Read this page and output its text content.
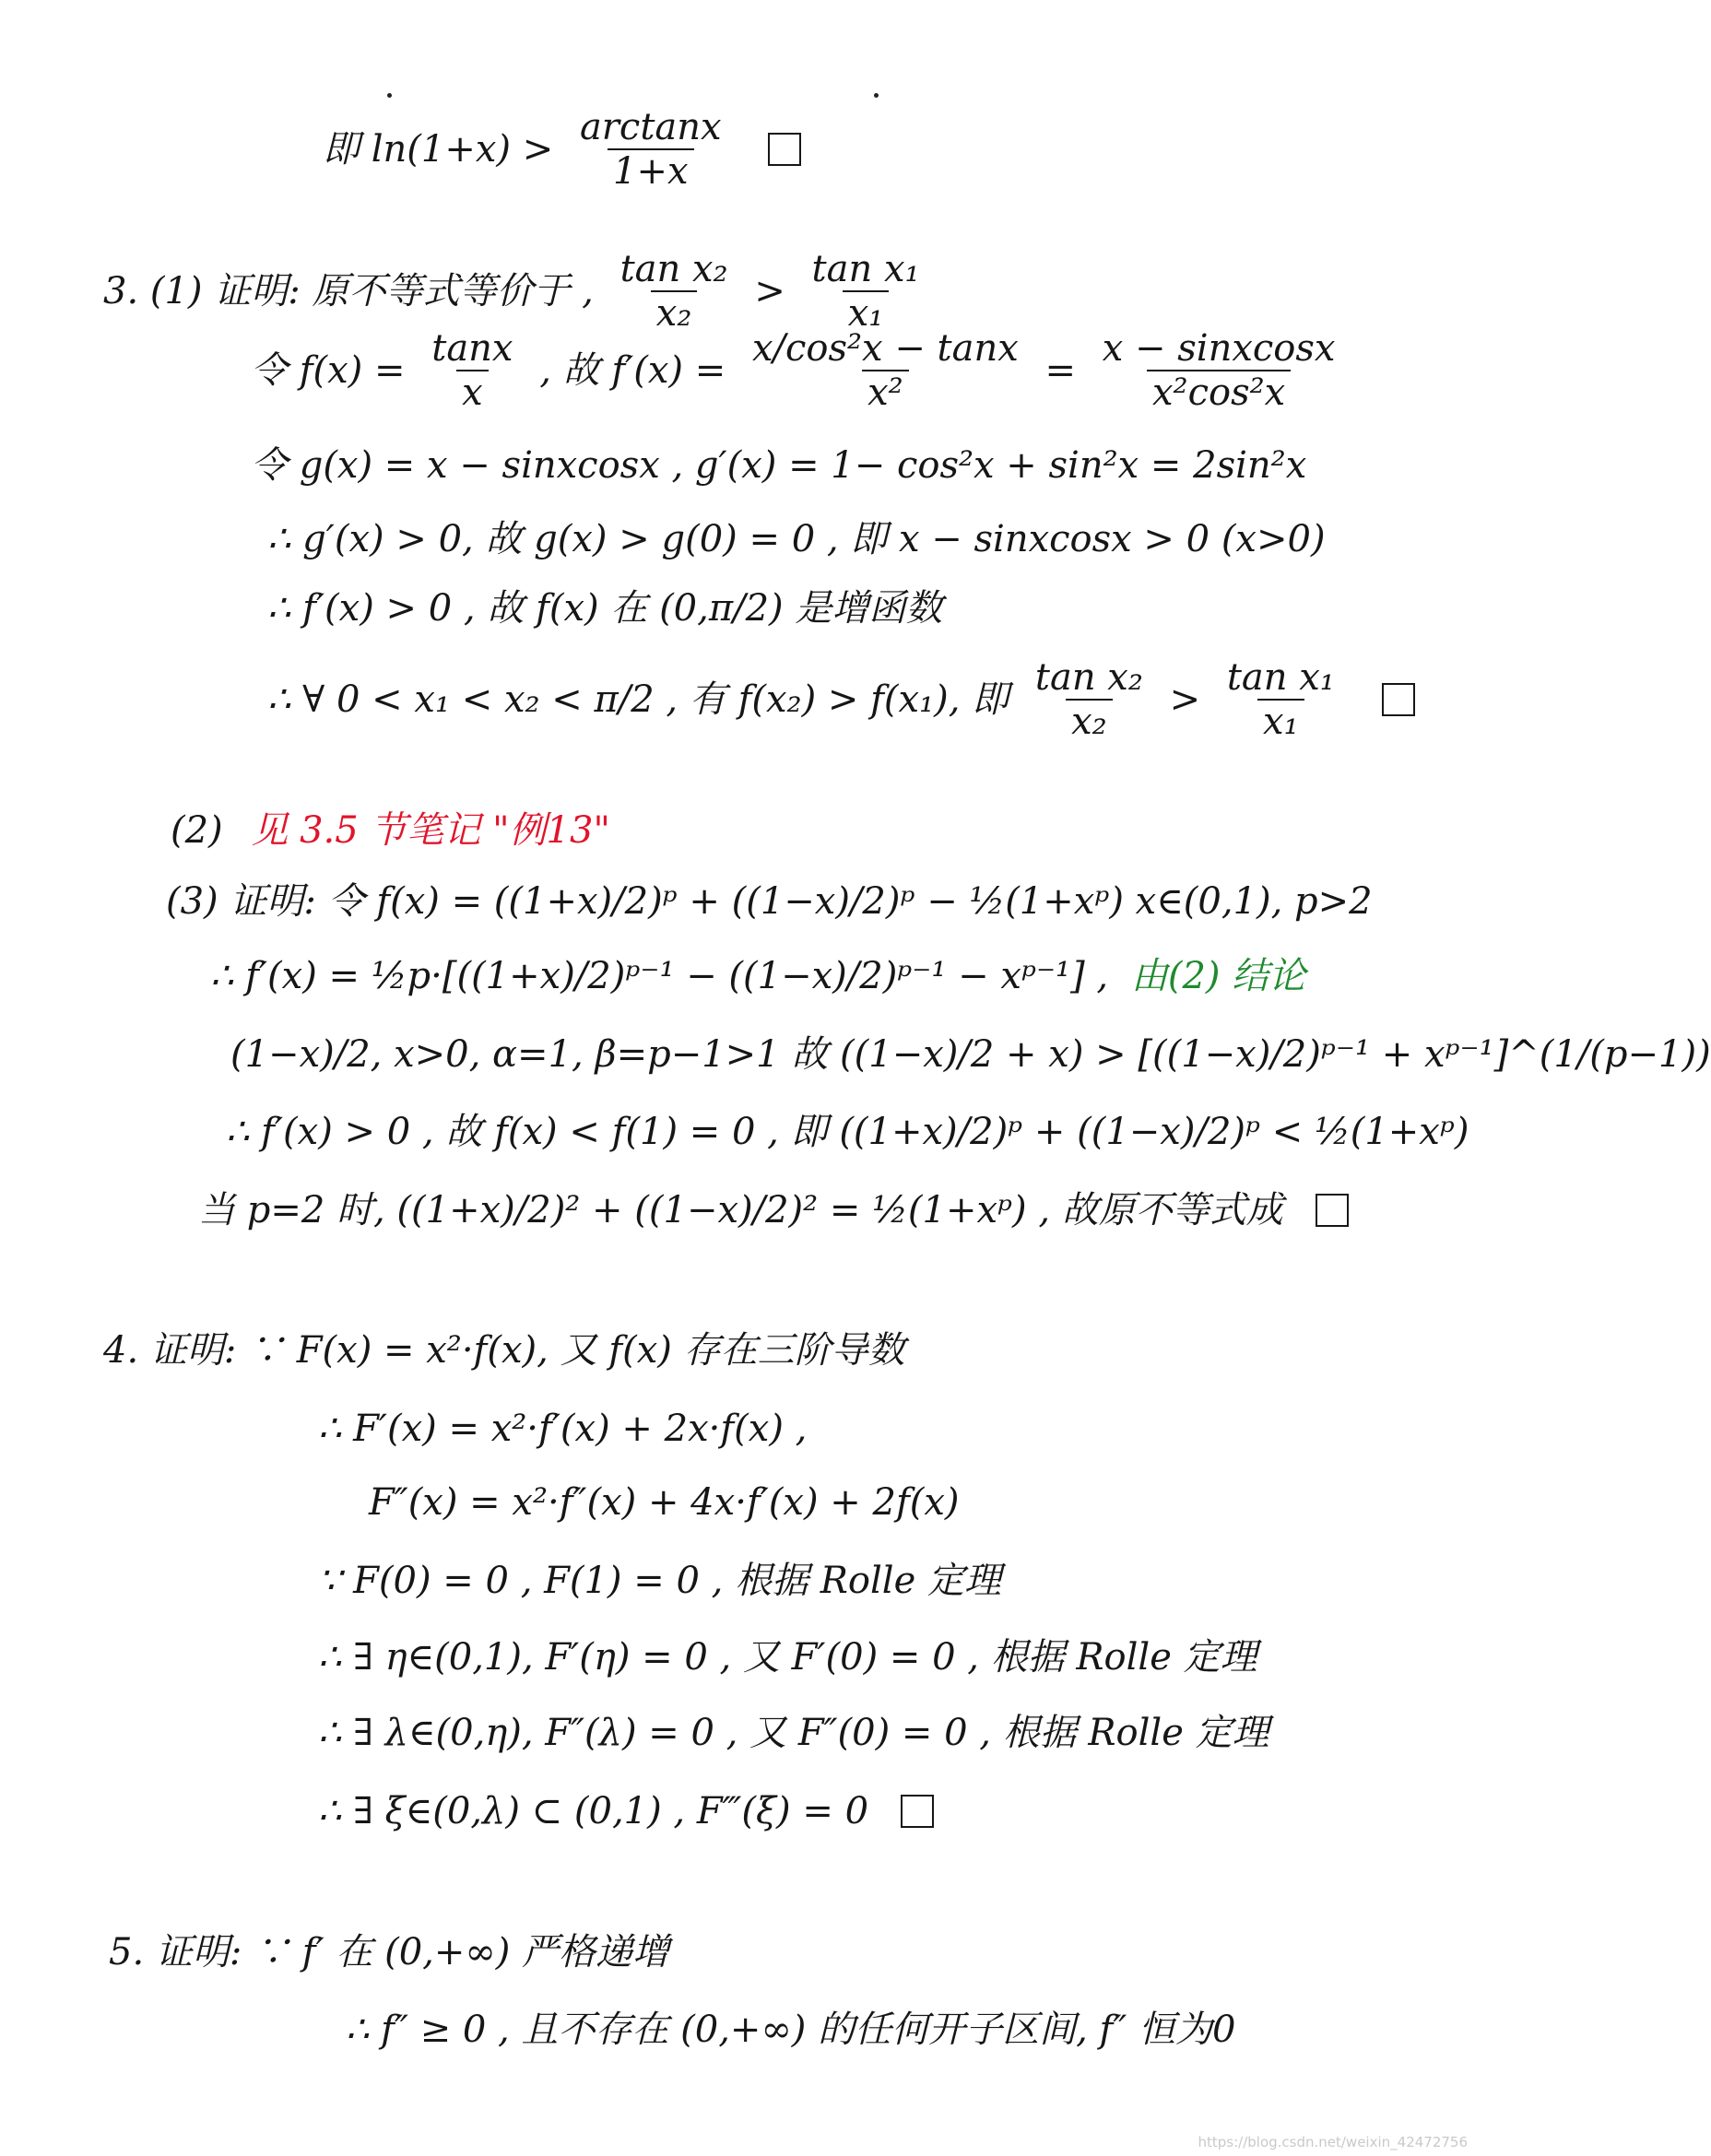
即 $\ln(1+x) > \frac{\arctan x}{1+x}$

3. (1) 证明: 原不等式等价于 , $\frac{\text{tan x₂}}{\text{x₂}} > \frac{\text{tan x₁}}{\text{x₁}}$
令 $f(x) = \frac{\tan x}{x}$ , 故 $f'(x) = \frac{\text{x/cos²x − tanx}}{\text{x²}} = \frac{\text{x − sinxcosx}}{\text{x²cos²x}}$
令 g(x) = x − sinxcosx , g′(x) = 1− cos²x + sin²x = 2sin²x
∴ g′(x) > 0, 故 g(x) > g(0) = 0 , 即 x − sinxcosx > 0 (x>0)
∴ f′(x) > 0 , 故 f(x) 在 (0,π/2) 是增函数
∴ ∀ 0 < x₁ < x₂ < π/2 , 有 f(x₂) > f(x₁), 即 $\frac{\text{tan x₂}}{\text{x₂}} > \frac{\text{tan x₁}}{\text{x₁}}$

(2) 见 3.5 节笔记 "例13"
(3) 证明: 令 f(x) = ((1+x)/2)ᵖ + ((1−x)/2)ᵖ − ½(1+xᵖ) x∈(0,1), p>2
∴ f′(x) = ½p·[((1+x)/2)ᵖ⁻¹ − ((1−x)/2)ᵖ⁻¹ − xᵖ⁻¹] , 由(2) 结论
(1−x)/2, x>0, α=1, β=p−1>1 故 ((1−x)/2 + x) > [((1−x)/2)ᵖ⁻¹ + xᵖ⁻¹]^(1/(p−1))
∴ f′(x) > 0 , 故 f(x) < f(1) = 0 , 即 ((1+x)/2)ᵖ + ((1−x)/2)ᵖ < ½(1+xᵖ)
当 p=2 时, ((1+x)/2)² + ((1−x)/2)² = ½(1+xᵖ) , 故原不等式成
4. 证明: ∵ F(x) = x²·f(x), 又 f(x) 存在三阶导数
∴ F′(x) = x²·f′(x) + 2x·f(x) ,
F″(x) = x²·f″(x) + 4x·f′(x) + 2f(x)
∵ F(0) = 0 , F(1) = 0 , 根据 Rolle 定理
∴ ∃ η∈(0,1), F′(η) = 0 , 又 F′(0) = 0 , 根据 Rolle 定理
∴ ∃ λ∈(0,η), F″(λ) = 0 , 又 F″(0) = 0 , 根据 Rolle 定理
∴ ∃ ξ∈(0,λ) ⊂ (0,1) , F‴(ξ) = 0
5. 证明: ∵ f′ 在 (0,+∞) 严格递增
∴ f″ ≥ 0 , 且不存在 (0,+∞) 的任何开子区间, f″ 恒为0
https://blog.csdn.net/weixin_42472756
